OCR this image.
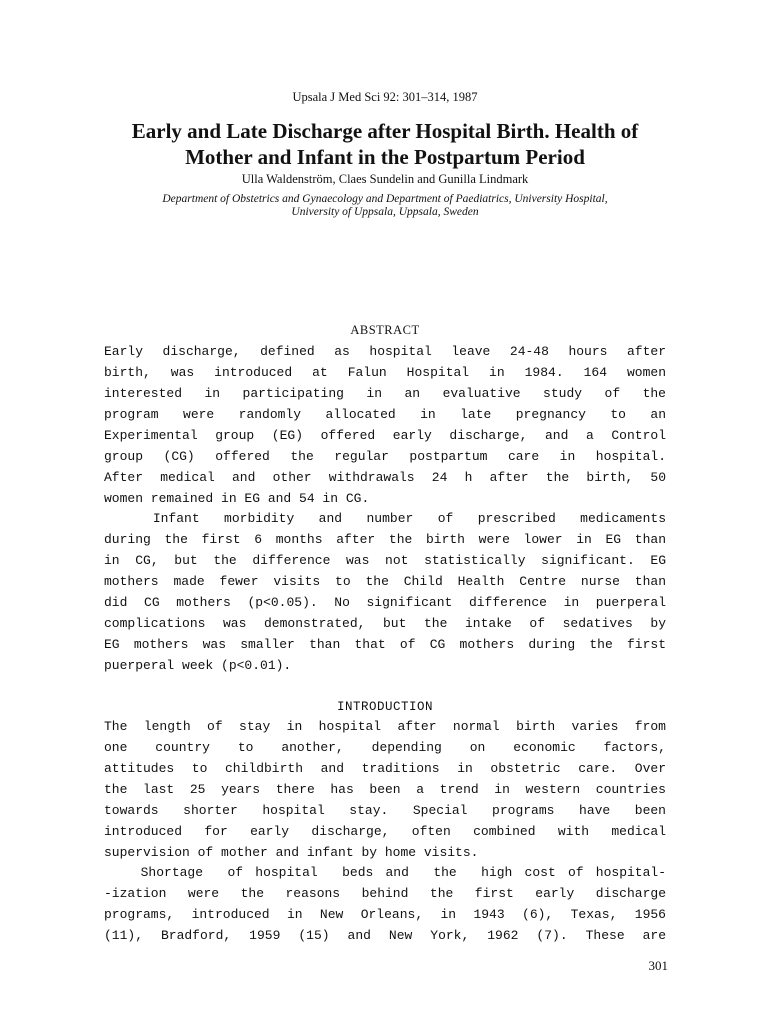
Upsala J Med Sci 92: 301–314, 1987
Early and Late Discharge after Hospital Birth. Health of
Mother and Infant in the Postpartum Period
Ulla Waldenström, Claes Sundelin and Gunilla Lindmark
Department of Obstetrics and Gynaecology and Department of Paediatrics, University Hospital,
University of Uppsala, Uppsala, Sweden
ABSTRACT
Early discharge, defined as hospital leave 24-48 hours after
birth, was introduced at Falun Hospital in 1984. 164 women
interested in participating in an evaluative study of the
program were randomly allocated in late pregnancy to an
Experimental group (EG) offered early discharge, and a Control
group (CG) offered the regular postpartum care in hospital.
After medical and other withdrawals 24 h after the birth, 50
women remained in EG and 54 in CG.
Infant  morbidity  and  number  of  prescribed  medicaments
during the first 6 months after the birth were lower in EG than
in CG, but the difference was not statistically significant. EG
mothers made fewer visits to the Child Health Centre nurse than
did CG mothers (p<0.05). No significant difference in puerperal
complications was demonstrated, but the intake of sedatives by
EG mothers was smaller than that of CG mothers during the first
puerperal week (p<0.01).
INTRODUCTION
The length of stay in hospital after normal birth varies from
one country to another, depending on economic factors,
attitudes to childbirth and traditions in obstetric care. Over
the last 25 years there has been a trend in western countries
towards shorter hospital stay. Special programs have been
introduced for early discharge, often combined with medical
supervision of mother and infant by home visits.
Shortage  of hospital  beds and  the  high cost of hospital-
-ization were the reasons behind the first early discharge
programs, introduced in New Orleans, in 1943 (6), Texas, 1956
(11), Bradford, 1959 (15) and New York, 1962 (7). These are
301
